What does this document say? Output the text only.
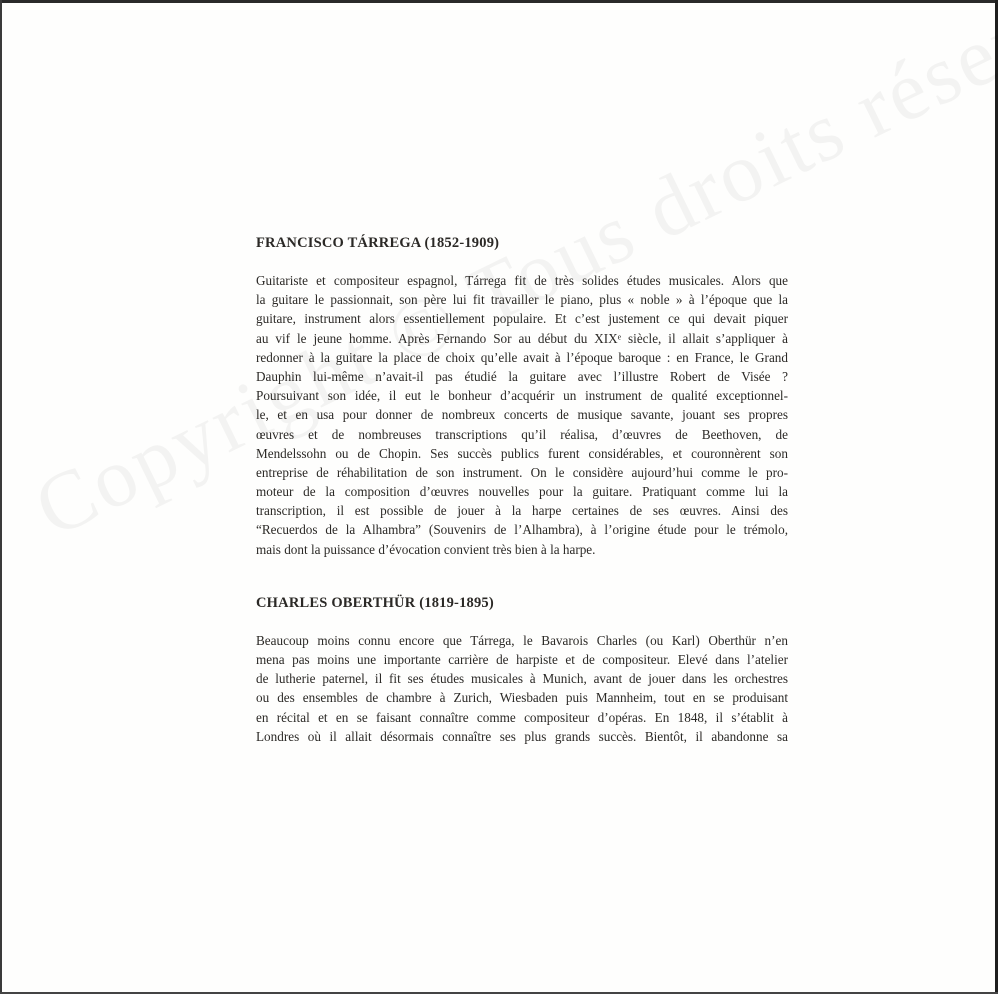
FRANCISCO TÁRREGA (1852-1909)
Guitariste et compositeur espagnol, Tárrega fit de très solides études musicales. Alors que
la guitare le passionnait, son père lui fit travailler le piano, plus « noble » à l’époque que la
guitare, instrument alors essentiellement populaire. Et c’est justement ce qui devait piquer
au vif le jeune homme. Après Fernando Sor au début du XIXᵉ siècle, il allait s’appliquer à
redonner à la guitare la place de choix qu’elle avait à l’époque baroque : en France, le Grand
Dauphin lui-même n’avait-il pas étudié la guitare avec l’illustre Robert de Visée ?
Poursuivant son idée, il eut le bonheur d’acquérir un instrument de qualité exceptionnel-
le, et en usa pour donner de nombreux concerts de musique savante, jouant ses propres
œuvres et de nombreuses transcriptions qu’il réalisa, d’œuvres de Beethoven, de
Mendelssohn ou de Chopin. Ses succès publics furent considérables, et couronnèrent son
entreprise de réhabilitation de son instrument. On le considère aujourd’hui comme le pro-
moteur de la composition d’œuvres nouvelles pour la guitare. Pratiquant comme lui la
transcription, il est possible de jouer à la harpe certaines de ses œuvres. Ainsi des
“Recuerdos de la Alhambra” (Souvenirs de l’Alhambra), à l’origine étude pour le trémolo,
mais dont la puissance d’évocation convient très bien à la harpe.
CHARLES OBERTHÜR (1819-1895)
Beaucoup moins connu encore que Tárrega, le Bavarois Charles (ou Karl) Oberthür n’en
mena pas moins une importante carrière de harpiste et de compositeur. Elevé dans l’atelier
de lutherie paternel, il fit ses études musicales à Munich, avant de jouer dans les orchestres
ou des ensembles de chambre à Zurich, Wiesbaden puis Mannheim, tout en se produisant
en récital et en se faisant connaître comme compositeur d’opéras. En 1848, il s’établit à
Londres où il allait désormais connaître ses plus grands succès. Bientôt, il abandonne sa
